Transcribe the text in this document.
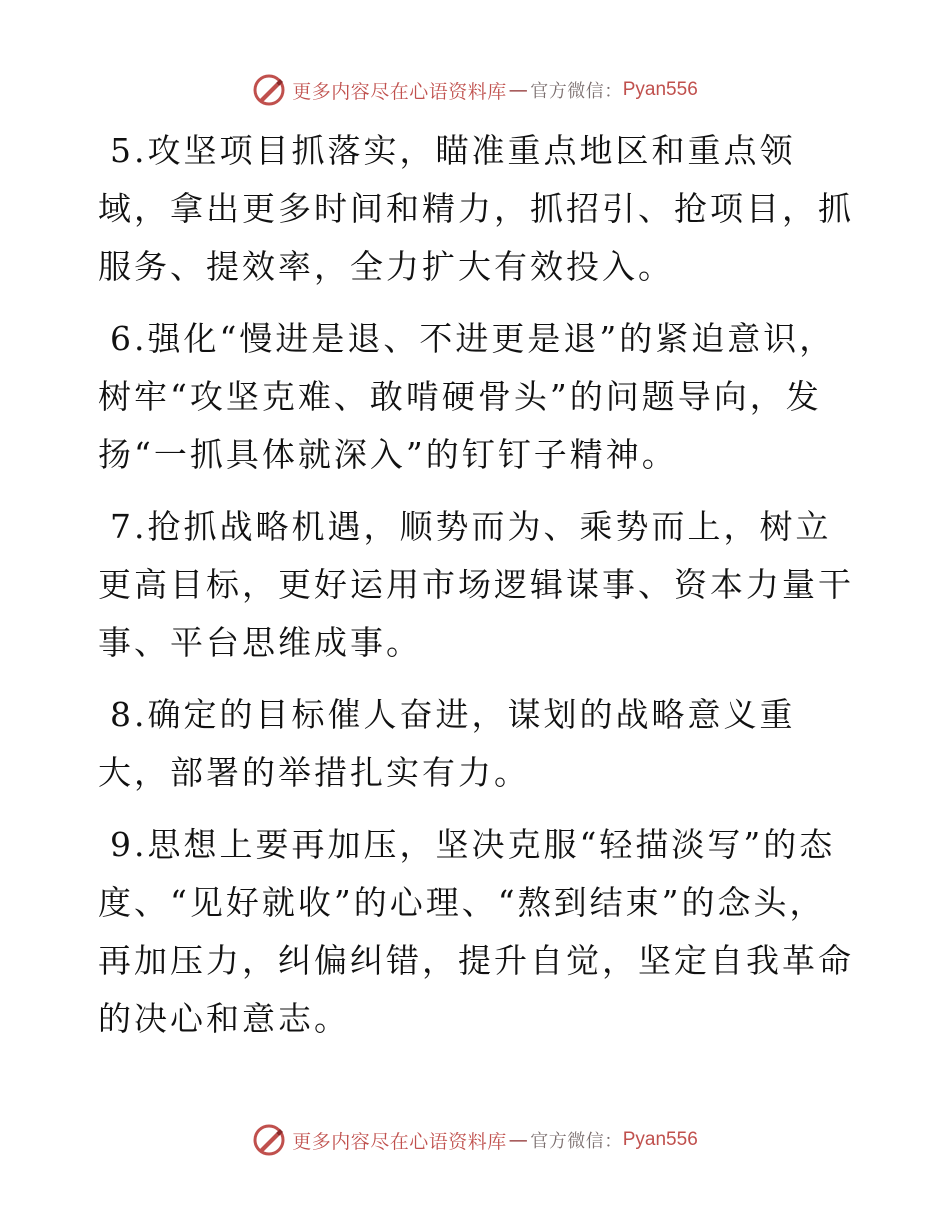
更多内容尽在心语资料库 — 官方微信： Pyan556

5.攻坚项目抓落实，瞄准重点地区和重点领域，拿出更多时间和精力，抓招引、抢项目，抓服务、提效率，全力扩大有效投入。

6.强化“慢进是退、不进更是退”的紧迫意识，树牢“攻坚克难、敢啃硬骨头”的问题导向，发扬“一抓具体就深入”的钉钉子精神。

7.抢抓战略机遇，顺势而为、乘势而上，树立更高目标，更好运用市场逻辑谋事、资本力量干事、平台思维成事。

8.确定的目标催人奋进，谋划的战略意义重大，部署的举措扎实有力。

9.思想上要再加压，坚决克服“轻描淡写”的态度、“见好就收”的心理、“熬到结束”的念头，再加压力，纠偏纠错，提升自觉，坚定自我革命的决心和意志。

更多内容尽在心语资料库 — 官方微信： Pyan556
